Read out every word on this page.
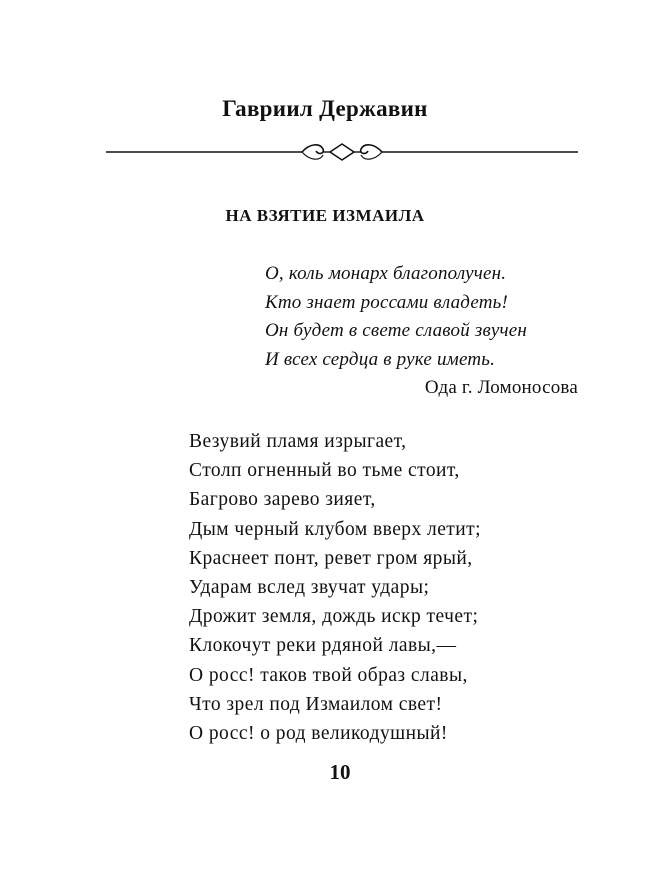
Гавриил Державин
НА ВЗЯТИЕ ИЗМАИЛА
О, коль монарх благополучен.
Кто знает россами владеть!
Он будет в свете славой звучен
И всех сердца в руке иметь.
Ода г. Ломоносова
Везувий пламя изрыгает,
Столп огненный во тьме стоит,
Багрово зарево зияет,
Дым черный клубом вверх летит;
Краснеет понт, ревет гром ярый,
Ударам вслед звучат удары;
Дрожит земля, дождь искр течет;
Клокочут реки рдяной лавы,—
О росс! таков твой образ славы,
Что зрел под Измаилом свет!
О росс! о род великодушный!
10
